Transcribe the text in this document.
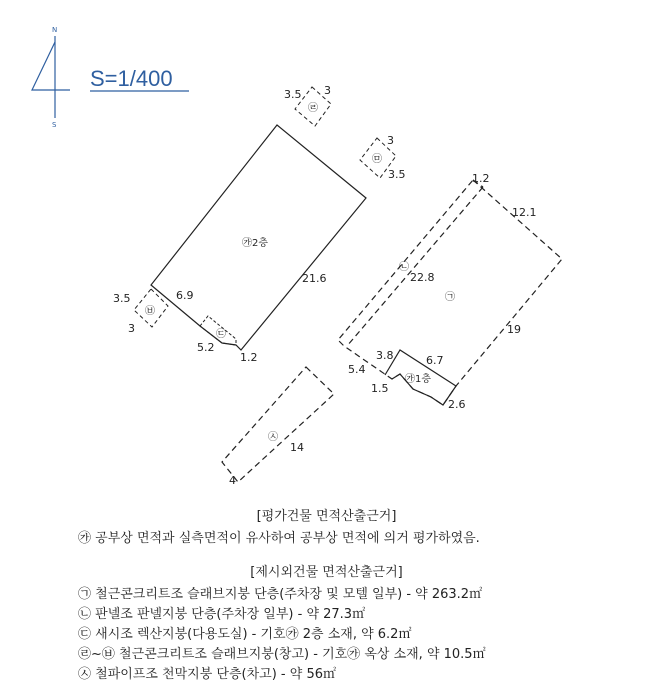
N
S
S=1/400
㉮2층
21.6
6.9
5.2
1.2
㉢
㉣
3.5 3
㉤
3
3.5
㉥
3.5
3
1.2
12.1
19
㉠
㉡
22.8
㉮1층
3.8	6.7
5.4
1.5
2.6
㉦
14
4
[평가건물 면적산출근거]
㉮ 공부상 면적과 실측면적이 유사하여 공부상 면적에 의거 평가하였음.
[제시외건물 면적산출근거]
㉠ 철근콘크리트조 슬래브지붕 단층(주차장 및 모텔 일부) - 약 263.2㎡
㉡ 판넬조 판넬지붕 단층(주차장 일부) - 약 27.3㎡
㉢ 새시조 렉산지붕(다용도실) - 기호㉮ 2층 소재, 약 6.2㎡
㉣~㉥ 철근콘크리트조 슬래브지붕(창고) - 기호㉮ 옥상 소재, 약 10.5㎡
㉦ 철파이프조 천막지붕 단층(차고) - 약 56㎡
